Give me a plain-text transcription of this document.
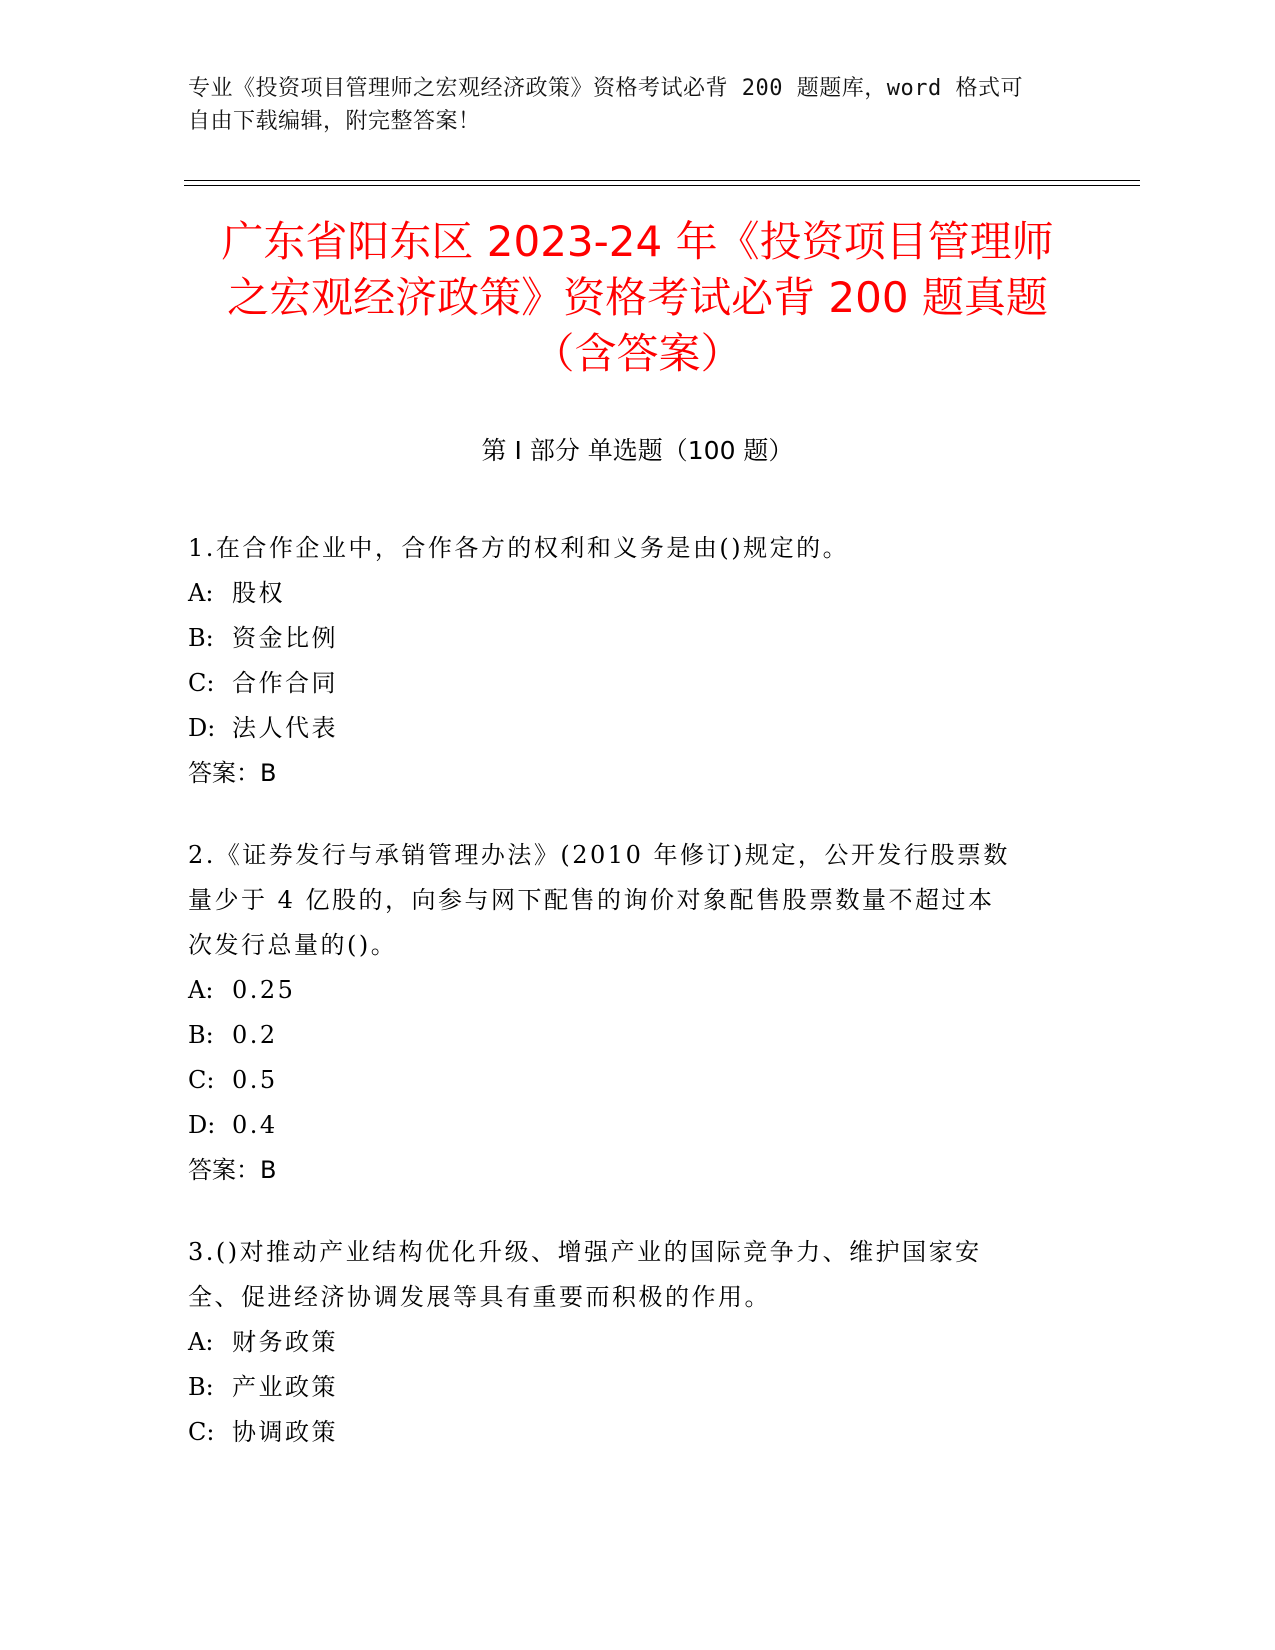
专业《投资项目管理师之宏观经济政策》资格考试必背 200 题题库，word 格式可
自由下载编辑，附完整答案！
广东省阳东区 2023-24 年《投资项目管理师
之宏观经济政策》资格考试必背 200 题真题
（含答案）
第 I 部分 单选题（100 题）
1.在合作企业中，合作各方的权利和义务是由()规定的。
A: 股权
B: 资金比例
C: 合作合同
D: 法人代表
答案：B
2.《证券发行与承销管理办法》(2010 年修订)规定，公开发行股票数
量少于 4 亿股的，向参与网下配售的询价对象配售股票数量不超过本
次发行总量的()。
A: 0.25
B: 0.2
C: 0.5
D: 0.4
答案：B
3.()对推动产业结构优化升级、增强产业的国际竞争力、维护国家安
全、促进经济协调发展等具有重要而积极的作用。
A: 财务政策
B: 产业政策
C: 协调政策
